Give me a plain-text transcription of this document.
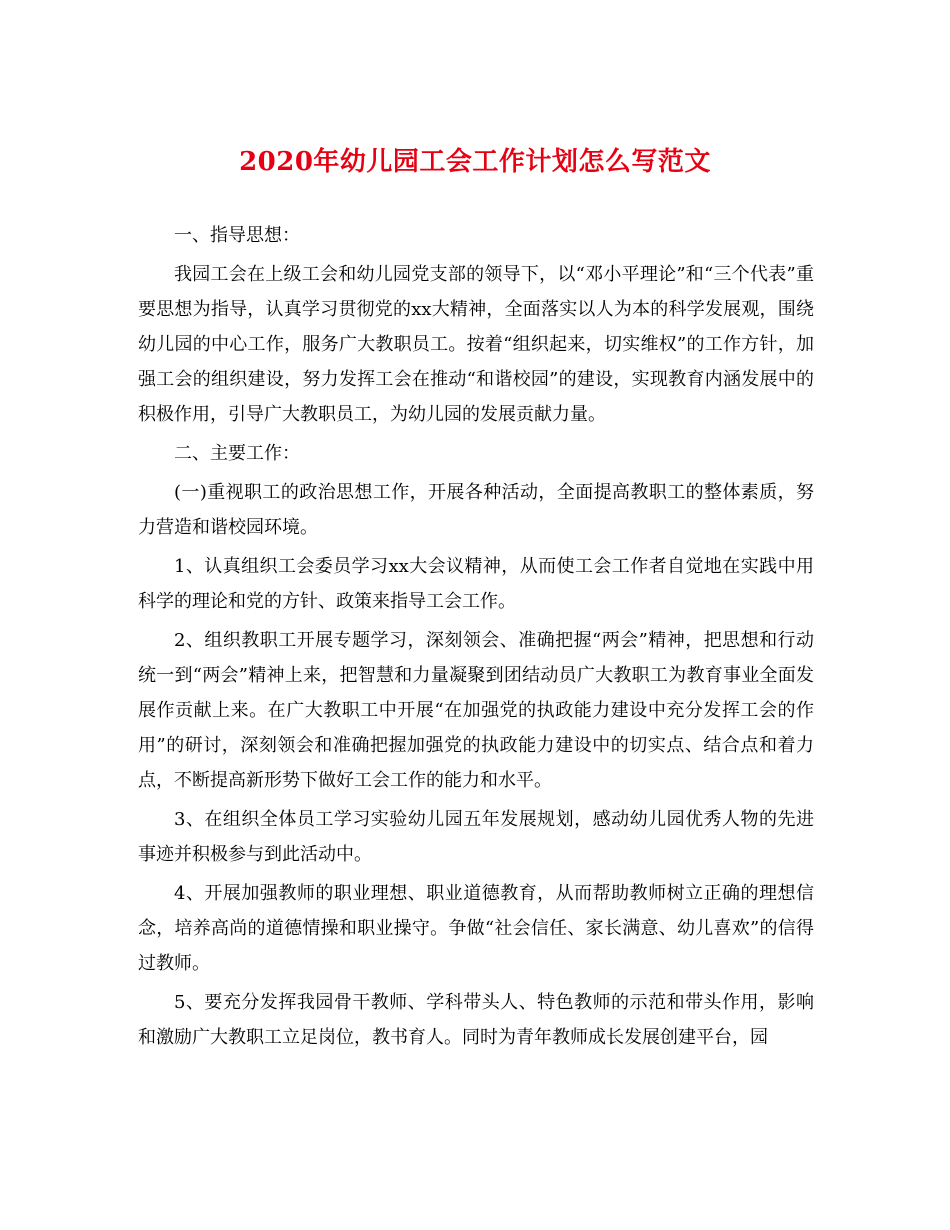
2020年幼儿园工会工作计划怎么写范文

一、指导思想：

我园工会在上级工会和幼儿园党支部的领导下，以“邓小平理论”和“三个代表”重要思想为指导，认真学习贯彻党的xx大精神，全面落实以人为本的科学发展观，围绕幼儿园的中心工作，服务广大教职员工。按着“组织起来，切实维权”的工作方针，加强工会的组织建设，努力发挥工会在推动“和谐校园”的建设，实现教育内涵发展中的积极作用，引导广大教职员工，为幼儿园的发展贡献力量。

二、主要工作：

(一)重视职工的政治思想工作，开展各种活动，全面提高教职工的整体素质，努力营造和谐校园环境。

1、认真组织工会委员学习xx大会议精神，从而使工会工作者自觉地在实践中用科学的理论和党的方针、政策来指导工会工作。

2、组织教职工开展专题学习，深刻领会、准确把握“两会”精神，把思想和行动统一到“两会”精神上来，把智慧和力量凝聚到团结动员广大教职工为教育事业全面发展作贡献上来。在广大教职工中开展“在加强党的执政能力建设中充分发挥工会的作用”的研讨，深刻领会和准确把握加强党的执政能力建设中的切实点、结合点和着力点，不断提高新形势下做好工会工作的能力和水平。

3、在组织全体员工学习实验幼儿园五年发展规划，感动幼儿园优秀人物的先进事迹并积极参与到此活动中。

4、开展加强教师的职业理想、职业道德教育，从而帮助教师树立正确的理想信念，培养高尚的道德情操和职业操守。争做“社会信任、家长满意、幼儿喜欢”的信得过教师。

5、要充分发挥我园骨干教师、学科带头人、特色教师的示范和带头作用，影响和激励广大教职工立足岗位，教书育人。同时为青年教师成长发展创建平台，园
